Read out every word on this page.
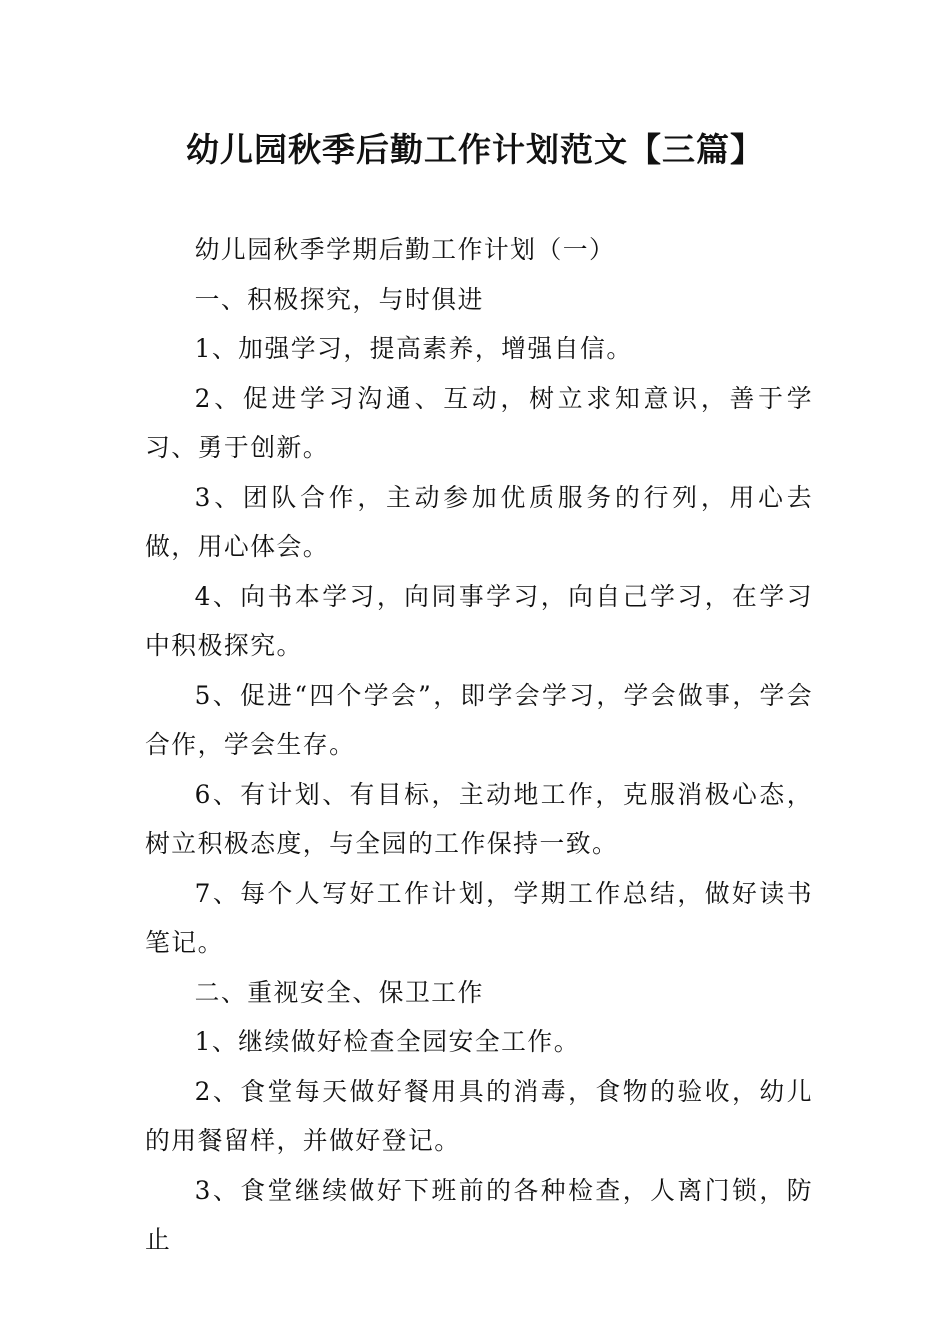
幼儿园秋季后勤工作计划范文【三篇】

幼儿园秋季学期后勤工作计划（一）

一、积极探究，与时俱进

1、加强学习，提高素养，增强自信。

2、促进学习沟通、互动，树立求知意识，善于学习、勇于创新。

3、团队合作，主动参加优质服务的行列，用心去做，用心体会。

4、向书本学习，向同事学习，向自己学习，在学习中积极探究。

5、促进“四个学会”，即学会学习，学会做事，学会合作，学会生存。

6、有计划、有目标，主动地工作，克服消极心态，树立积极态度，与全园的工作保持一致。

7、每个人写好工作计划，学期工作总结，做好读书笔记。

二、重视安全、保卫工作

1、继续做好检查全园安全工作。

2、食堂每天做好餐用具的消毒，食物的验收，幼儿的用餐留样，并做好登记。

3、食堂继续做好下班前的各种检查，人离门锁，防止
